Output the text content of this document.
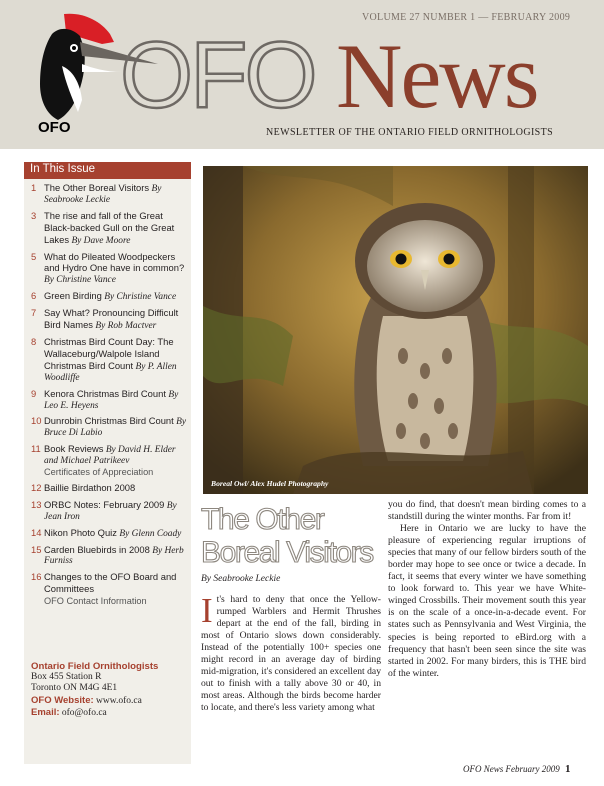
OFO
VOLUME 27 NUMBER 1 — FEBRUARY 2009
OFO News
NEWSLETTER OF THE ONTARIO FIELD ORNITHOLOGISTS
In This Issue
1 The Other Boreal Visitors By Seabrooke Leckie
3 The rise and fall of the Great Black-backed Gull on the Great Lakes By Dave Moore
5 What do Pileated Woodpeckers and Hydro One have in common? By Christine Vance
6 Green Birding By Christine Vance
7 Say What? Pronouncing Difficult Bird Names By Rob Mactver
8 Christmas Bird Count Day: The Wallaceburg/Walpole Island Christmas Bird Count By P. Allen Woodliffe
9 Kenora Christmas Bird Count By Leo E. Heyens
10 Dunrobin Christmas Bird Count By Bruce Di Labio
11 Book Reviews By David H. Elder and Michael Patrikeev
Certificates of Appreciation
12 Baillie Birdathon 2008
13 ORBC Notes: February 2009 By Jean Iron
14 Nikon Photo Quiz By Glenn Coady
15 Carden Bluebirds in 2008 By Herb Furniss
16 Changes to the OFO Board and Committees
OFO Contact Information
Ontario Field Ornithologists
Box 455 Station R
Toronto ON M4G 4E1
OFO Website: www.ofo.ca
Email: ofo@ofo.ca
Boreal Owl/ Alex Hudel Photography
The Other
Boreal Visitors
By Seabrooke Leckie

It's hard to deny that once the Yellow-rumped Warblers and Hermit Thrushes depart at the end of the fall, birding in most of Ontario slows down considerably. Instead of the potentially 100+ species one might record in an average day of birding mid-migration, it's considered an excellent day out to finish with a tally above 30 or 40, in most areas. Although the birds become harder to locate, and there's less variety among what

you do find, that doesn't mean birding comes to a standstill during the winter months. Far from it!

Here in Ontario we are lucky to have the pleasure of experiencing regular irruptions of species that many of our fellow birders south of the border may hope to see once or twice a decade. In fact, it seems that every winter we have something to look forward to. This year we have White-winged Crossbills. Their movement south this year is on the scale of a once-in-a-decade event. For states such as Pennsylvania and West Virginia, the species is being reported to eBird.org with a frequency that hasn't been seen since the site was started in 2002. For many birders, this is THE bird of the winter.

OFO News February 2009 1
